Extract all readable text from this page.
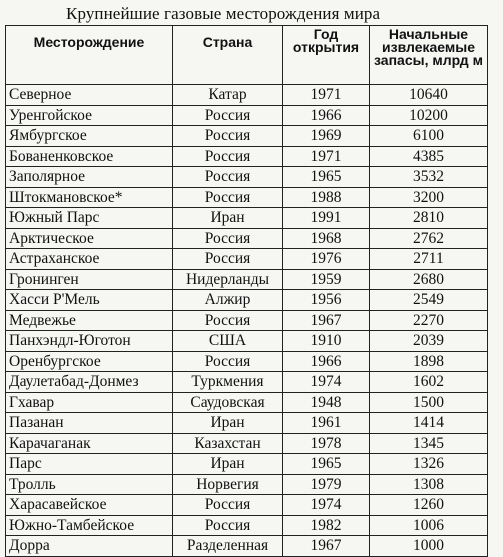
Крупнейшие газовые месторождения мира
Месторождение	Страна	Год открытия	Начальные извлекаемые запасы, млрд м

Северное	Катар	1971	10640
Уренгойское	Россия	1966	10200
Ямбургское	Россия	1969	6100
Бованенковское	Россия	1971	4385
Заполярное	Россия	1965	3532
Штокмановское*	Россия	1988	3200
Южный Парс	Иран	1991	2810
Арктическое	Россия	1968	2762
Астраханское	Россия	1976	2711
Гронинген	Нидерланды	1959	2680
Хасси Р'Мель	Алжир	1956	2549
Медвежье	Россия	1967	2270
Панхэндл-Юготон	США	1910	2039
Оренбургское	Россия	1966	1898
Даулетабад-Донмез	Туркмения	1974	1602
Гхавар	Саудовская	1948	1500
Пазанан	Иран	1961	1414
Карачаганак	Казахстан	1978	1345
Парс	Иран	1965	1326
Тролль	Норвегия	1979	1308
Харасавейское	Россия	1974	1260
Южно-Тамбейское	Россия	1982	1006
Дорра	Разделенная	1967	1000
